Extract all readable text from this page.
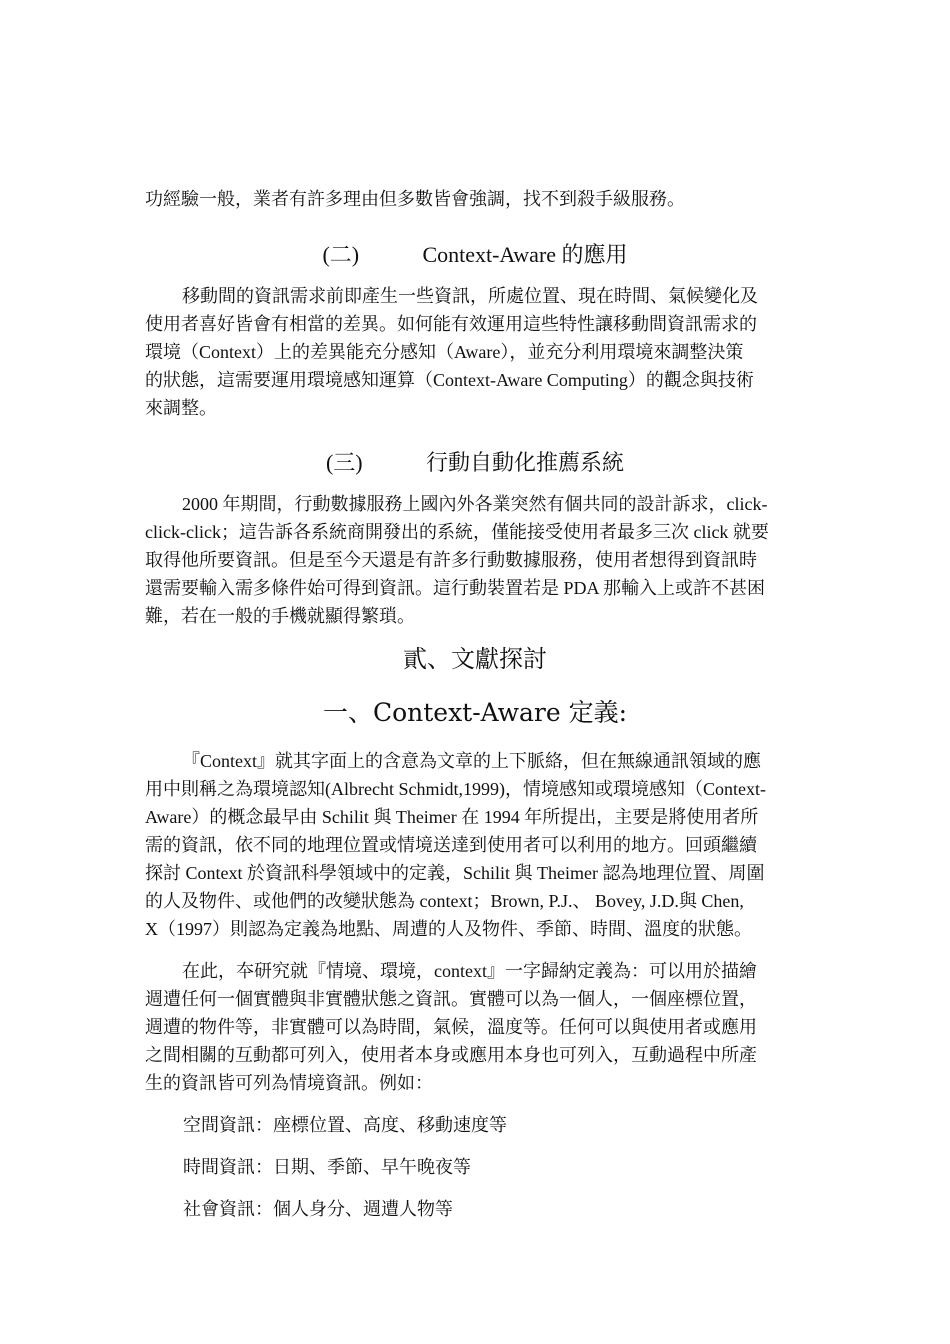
功經驗一般，業者有許多理由但多數皆會強調，找不到殺手級服務。

(二)	Context-Aware 的應用

移動間的資訊需求前即產生一些資訊，所處位置、現在時間、氣候變化及
使用者喜好皆會有相當的差異。如何能有效運用這些特性讓移動間資訊需求的
環境（Context）上的差異能充分感知（Aware），並充分利用環境來調整決策
的狀態，這需要運用環境感知運算（Context-Aware Computing）的觀念與技術
來調整。

(三)	行動自動化推薦系統

2000 年期間，行動數據服務上國內外各業突然有個共同的設計訴求，click-
click-click；這告訴各系統商開發出的系統，僅能接受使用者最多三次 click 就要
取得他所要資訊。但是至今天還是有許多行動數據服務，使用者想得到資訊時
還需要輸入需多條件始可得到資訊。這行動裝置若是 PDA 那輸入上或許不甚困
難，若在一般的手機就顯得繁瑣。

貳、文獻探討
一、Context-Aware 定義:

『Context』就其字面上的含意為文章的上下脈絡，但在無線通訊領域的應
用中則稱之為環境認知(Albrecht Schmidt,1999)，情境感知或環境感知（Context-
Aware）的概念最早由 Schilit 與 Theimer 在 1994 年所提出，主要是將使用者所
需的資訊，依不同的地理位置或情境送達到使用者可以利用的地方。回頭繼續
探討 Context 於資訊科學領域中的定義，Schilit 與 Theimer 認為地理位置、周圍
的人及物件、或他們的改變狀態為 context；Brown, P.J.、 Bovey, J.D.與 Chen,
X（1997）則認為定義為地點、周遭的人及物件、季節、時間、溫度的狀態。

在此，夲研究就『情境、環境，context』一字歸納定義為：可以用於描繪
週遭任何一個實體與非實體狀態之資訊。實體可以為一個人，一個座標位置，
週遭的物件等，非實體可以為時間，氣候，溫度等。任何可以與使用者或應用
之間相關的互動都可列入，使用者本身或應用本身也可列入，互動過程中所產
生的資訊皆可列為情境資訊。例如：

空間資訊：座標位置、高度、移動速度等
時間資訊：日期、季節、早午晚夜等
社會資訊：個人身分、週遭人物等
